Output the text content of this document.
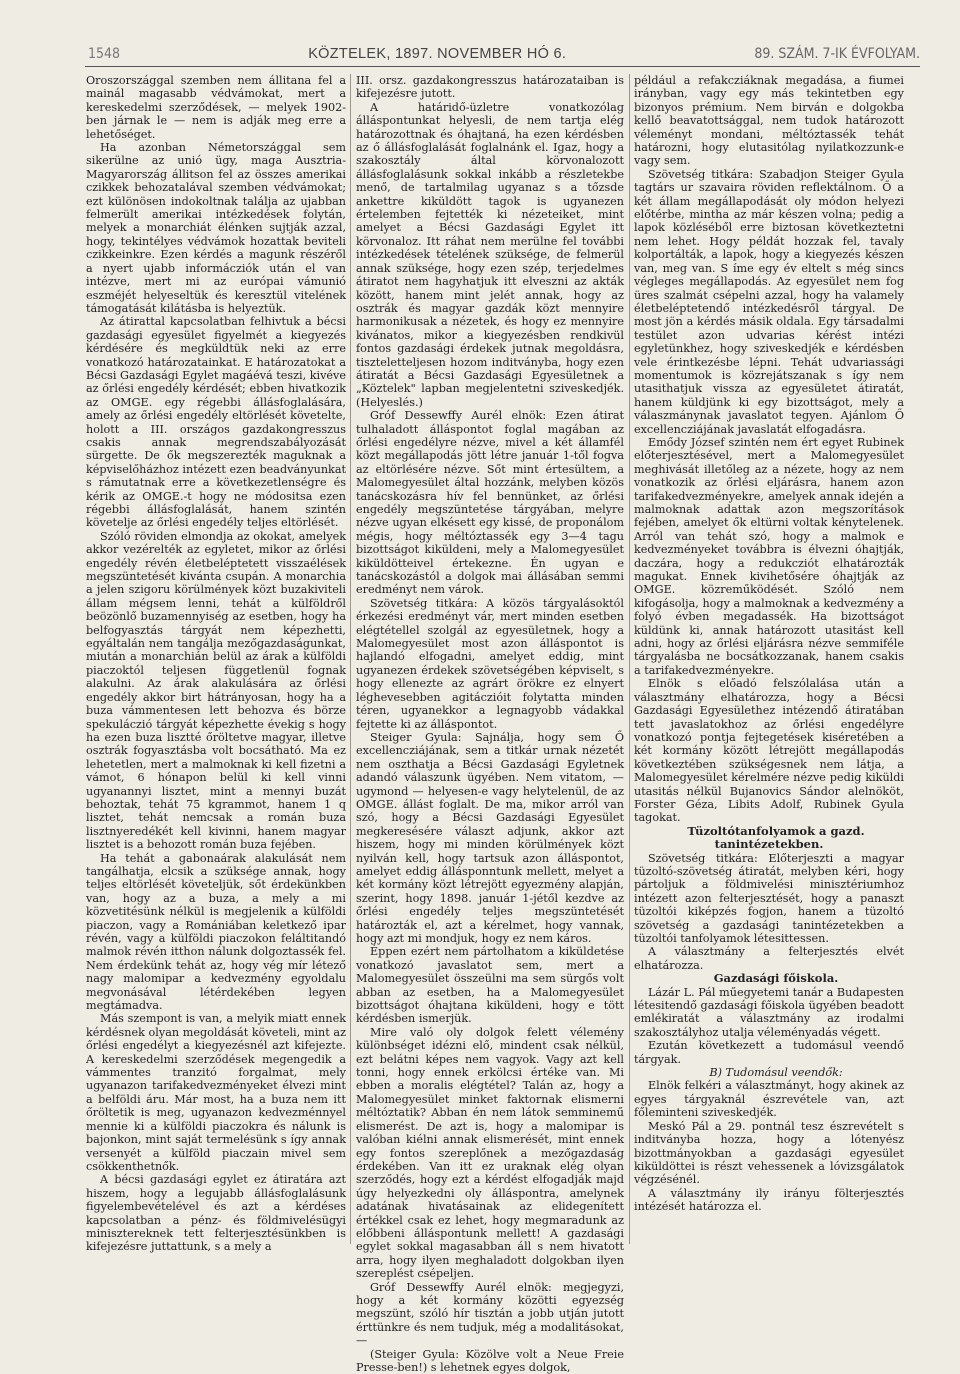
1548	KÖZTELEK, 1897. NOVEMBER HÓ 6.	89. SZÁM. 7-IK ÉVFOLYAM.

Oroszországgal szemben nem állitana fel a mainál magasabb védvámokat, mert a kereskedelmi szerződések, — melyek 1902-ben járnak le — nem is adják meg erre a lehetőséget.

Ha azonban Németországgal sem sikerülne az unió ügy, maga Ausztria-Magyarország állitson fel az összes amerikai czikkek behozatalával szemben védvámokat; ezt különösen indokoltnak találja az ujabban felmerült amerikai intézkedések folytán, melyek a monarchiát élénken sujtják azzal, hogy, tekintélyes védvámok hozattak beviteli czikkeinkre. Ezen kérdés a magunk részéről a nyert ujabb informácziók után el van intézve, mert mi az európai vámunió eszméjét helyeseltük és keresztül vitelének támogatását kilátásba is helyeztük.

Az átirattal kapcsolatban felhivtuk a bécsi gazdasági egyesület figyelmét a kiegyezés kérdésére és megküldtük neki az erre vonatkozó határozatainkat. E határozatokat a Bécsi Gazdasági Egylet magáévá teszi, kivéve az őrlési engedély kérdését; ebben hivatkozik az OMGE. egy régebbi állásfoglalására, amely az őrlési engedély eltörlését követelte, holott a III. országos gazdakongresszus csakis annak megrendszabályozását sürgette. De ők megszerezték maguknak a képviselőházhoz intézett ezen beadványunkat s rámutatnak erre a következetlenségre és kérik az OMGE.-t hogy ne módositsa ezen régebbi állásfoglalását, hanem szintén követelje az őrlési engedély teljes eltörlését.

Szóló röviden elmondja az okokat, amelyek akkor vezérelték az egyletet, mikor az őrlési engedély révén életbeléptetett visszaélések megszüntetését kivánta csupán. A monarchia a jelen szigoru körülmények közt buzakiviteli állam mégsem lenni, tehát a külföldről beözönlő buzamennyiség az esetben, hogy ha belfogyasztás tárgyát nem képezhetti, egyáltalán nem tangálja mezőgazdaságunkat, miután a monarchián belül az árak a külföldi piaczoktól teljesen függetlenül fognak alakulni. Az árak alakulására az őrlési engedély akkor birt hátrányosan, hogy ha a buza vámmentesen lett behozva és börze spekuláczió tárgyát képezhette évekig s hogy ha ezen buza lisztté őröltetve magyar, illetve osztrák fogyasztásba volt bocsátható. Ma ez lehetetlen, mert a malmoknak ki kell fizetni a vámot, 6 hónapon belül ki kell vinni ugyanannyi lisztet, mint a mennyi buzát behoztak, tehát 75 kgrammot, hanem 1 q lisztet, tehát nemcsak a román buza lisztnyeredékét kell kivinni, hanem magyar lisztet is a behozott román buza fejében.

Ha tehát a gabonaárak alakulását nem tangálhatja, elcsik a szüksége annak, hogy teljes eltörlését követeljük, sőt érdekünkben van, hogy az a buza, a mely a mi közvetitésünk nélkül is megjelenik a külföldi piaczon, vagy a Romániában keletkező ipar révén, vagy a külföldi piaczokon feláltitandó malmok révén itthon nálunk dolgoztassék fel. Nem érdekünk tehát az, hogy vég mír létező nagy malomipar a kedvezmény egyoldalu megvonásával létérdekében legyen megtámadva.

Más szempont is van, a melyik miatt ennek kérdésnek olyan megoldását követeli, mint az őrlési engedélyt a kiegyezésnél azt kifejezte. A kereskedelmi szerződések megengedik a vámmentes tranzitó forgalmat, mely ugyanazon tarifakedvezményeket élvezi mint a belföldi áru. Már most, ha a buza nem itt őröltetik is meg, ugyanazon kedvezménnyel mennie ki a külföldi piaczokra és nálunk is bajonkon, mint saját termelésünk s így annak versenyét a külföld piaczain mivel sem csökkenthetnők.

A bécsi gazdasági egylet ez átiratára azt hiszem, hogy a legujabb állásfoglalásunk figyelembevételével és azt a kérdéses kapcsolatban a pénz- és földmivelésügyi minisztereknek tett felterjesztésünkben is kifejezésre juttattunk, s a mely a

III. orsz. gazdakongresszus határozataiban is kifejezésre jutott.

A határidő-üzletre vonatkozólag álláspontunkat helyesli, de nem tartja elég határozottnak és óhajtaná, ha ezen kérdésben az ő állásfoglalását foglalnánk el. Igaz, hogy a szakosztály által körvonalozott állásfoglalásunk sokkal inkább a részletekbe menő, de tartalmilag ugyanaz s a tőzsde ankettre kiküldött tagok is ugyanezen értelemben fejtették ki nézeteiket, mint amelyet a Bécsi Gazdasági Egylet itt körvonaloz. Itt ráhat nem merülne fel további intézkedések tételének szüksége, de felmerül annak szüksége, hogy ezen szép, terjedelmes átiratot nem hagyhatjuk itt elveszni az akták között, hanem mint jelét annak, hogy az osztrák és magyar gazdák közt mennyire harmonikusak a nézetek, és hogy ez mennyire kivánatos, mikor a kiegyezésben rendkivül fontos gazdasági érdekek jutnak megoldásra, tiszteletteljesen hozom inditványba, hogy ezen átiratát a Bécsi Gazdasági Egyesületnek a „Köztelek" lapban megjelentetni sziveskedjék. (Helyeslés.)

Gróf Dessewffy Aurél elnök: Ezen átirat tulhaladott álláspontot foglal magában az őrlési engedélyre nézve, mivel a két államfél közt megállapodás jött létre január 1-től fogva az eltörlésére nézve. Sőt mint értesültem, a Malomegyesület által hozzánk, melyben közös tanácskozásra hív fel bennünket, az őrlési engedély megszüntetése tárgyában, melyre nézve ugyan elkésett egy kissé, de proponálom mégis, hogy méltóztassék egy 3—4 tagu bizottságot kiküldeni, mely a Malomegyesület kiküldötteivel értekezne. Én ugyan e tanácskozástól a dolgok mai állásában semmi eredményt nem várok.

Szövetség titkára: A közös tárgyalásoktól érkezési eredményt vár, mert minden esetben elégtétellel szolgál az egyesületnek, hogy a Malomegyesület most azon álláspontot is hajlandó elfogadni, amelyet eddig, mint ugyanezen érdekek szövetségében képviselt, s hogy ellenezte az agrárt örökre ez elnyert léghevesebben agitáczióit folytatta minden téren, ugyanekkor a legnagyobb vádakkal fejtette ki az álláspontot.

Steiger Gyula: Sajnálja, hogy sem Ő excellencziájának, sem a titkár urnak nézetét nem oszthatja a Bécsi Gazdasági Egyletnek adandó válaszunk ügyében. Nem vitatom, — ugymond — helyesen-e vagy helytelenül, de az OMGE. állást foglalt. De ma, mikor arról van szó, hogy a Bécsi Gazdasági Egyesület megkeresésére választ adjunk, akkor azt hiszem, hogy mi minden körülmények közt nyilván kell, hogy tartsuk azon álláspontot, amelyet eddig állásponntunk mellett, melyet a két kormány közt létrejött egyezmény alapján, szerint, hogy 1898. január 1-jétől kezdve az őrlési engedély teljes megszüntetését határozták el, azt a kérelmet, hogy vannak, hogy azt mi mondjuk, hogy ez nem káros.

Éppen ezért nem pártolhatom a kiküldetése vonatkozó javaslatot sem, mert a Malomegyesület összeülni ma sem sürgős volt abban az esetben, ha a Malomegyesület bizottságot óhajtana kiküldeni, hogy e tött kérdésben ismerjük.

Mire való oly dolgok felett vélemény különbséget idézni elő, mindent csak nélkül, ezt belátni képes nem vagyok. Vagy azt kell tonni, hogy ennek erkölcsi értéke van. Mi ebben a moralis elégtétel? Talán az, hogy a Malomegyesület minket faktornak elismerni méltóztatik? Abban én nem látok semminemű elismerést. De azt is, hogy a malomipar is valóban kiélni annak elismerését, mint ennek egy fontos szereplőnek a mezőgazdaság érdekében. Van itt ez uraknak elég olyan szerződés, hogy ezt a kérdést elfogadják majd úgy helyezkedni oly álláspontra, amelynek adatának hivatásainak az elidegenített értékkel csak ez lehet, hogy megmaradunk az előbbeni álláspontunk mellett! A gazdasági egylet sokkal magasabban áll s nem hivatott arra, hogy ilyen meghaladott dolgokban ilyen szereplést csépeljen.

Gróf Dessewffy Aurél elnök: megjegyzi, hogy a két kormány közötti egyezség megszünt, szóló hír tisztán a jobb utján jutott érttünkre és nem tudjuk, még a modalitásokat, —

(Steiger Gyula: Közölve volt a Neue Freie Presse-ben!) s lehetnek egyes dolgok,

például a refakcziáknak megadása, a fiumei irányban, vagy egy más tekintetben egy bizonyos prémium. Nem birván e dolgokba kellő beavatottsággal, nem tudok határozott véleményt mondani, méltóztassék tehát határozni, hogy elutasitólag nyilatkozzunk-e vagy sem.

Szövetség titkára: Szabadjon Steiger Gyula tagtárs ur szavaira röviden reflektálnom. Ő a két állam megállapodását oly módon helyezi előtérbe, mintha az már készen volna; pedig a lapok közléséből erre biztosan következtetni nem lehet. Hogy példát hozzak fel, tavaly kolportálták, a lapok, hogy a kiegyezés készen van, meg van. S íme egy év eltelt s még sincs végleges megállapodás. Az egyesület nem fog üres szalmát csépelni azzal, hogy ha valamely életbeléptetendő intézkedésről tárgyal. De most jön a kérdés másik oldala. Egy társadalmi testület azon udvarias kérést intézi egyletünkhez, hogy sziveskedjék e kérdésben vele érintkezésbe lépni. Tehát udvariassági momentumok is közrejátszanak s így nem utasithatjuk vissza az egyesületet átiratát, hanem küldjünk ki egy bizottságot, mely a válaszmánynak javaslatot tegyen. Ajánlom Ő excellencziájának javaslatát elfogadásra.

Emődy József szintén nem ért egyet Rubinek előterjesztésével, mert a Malomegyesület meghivását illetőleg az a nézete, hogy az nem vonatkozik az őrlési eljárásra, hanem azon tarifakedvezményekre, amelyek annak idején a malmoknak adattak azon megszorítások fejében, amelyet ők eltürni voltak kénytelenek. Arról van tehát szó, hogy a malmok e kedvezményeket továbbra is élvezni óhajtják, daczára, hogy a redukcziót elhatározták magukat. Ennek kivihetősére óhajtják az OMGE. közreműködését. Szóló nem kifogásolja, hogy a malmoknak a kedvezmény a folyó évben megadassék. Ha bizottságot küldünk ki, annak határozott utasitást kell adni, hogy az őrlési eljárásra nézve semmiféle tárgyalásba ne bocsátkozzanak, hanem csakis a tarifakedvezményekre.

Elnök s előadó felszólalása után a választmány elhatározza, hogy a Bécsi Gazdasági Egyesülethez intézendő átiratában tett javaslatokhoz az őrlési engedélyre vonatkozó pontja fejtegetések kiséretében a két kormány között létrejött megállapodás következtében szükségesnek nem látja, a Malomegyesület kérelmére nézve pedig kiküldi utasitás nélkül Bujanovics Sándor alelnököt, Forster Géza, Libits Adolf, Rubinek Gyula tagokat.

Tüzoltótanfolyamok a gazd. tanintézetekben.

Szövetség titkára: Előterjeszti a magyar tüzoltó-szövetség átiratát, melyben kéri, hogy pártoljuk a földmivelési minisztériumhoz intézett azon felterjesztését, hogy a panaszt tüzoltói kiképzés fogjon, hanem a tüzoltó szövetség a gazdasági tanintézetekben a tüzoltói tanfolyamok létesittessen.

A választmány a felterjesztés elvét elhatározza.

Gazdasági főiskola.

Lázár L. Pál műegyetemi tanár a Budapesten létesitendő gazdasági főiskola ügyében beadott emlékiratát a választmány az irodalmi szakosztályhoz utalja véleményadás végett.

Ezután következett a tudomásul veendő tárgyak.

B) Tudomásul veendők:

Elnök felkéri a választmányt, hogy akinek az egyes tárgyaknál észrevétele van, azt főleminteni sziveskedjék.

Meskó Pál a 29. pontnál tesz észrevételt s inditványba hozza, hogy a lótenyész bizottmányokban a gazdasági egyesület kiküldöttei is részt vehessenek a lóvizsgálatok végzésénél.

A választmány ily irányu fölterjesztés intézését határozza el.
